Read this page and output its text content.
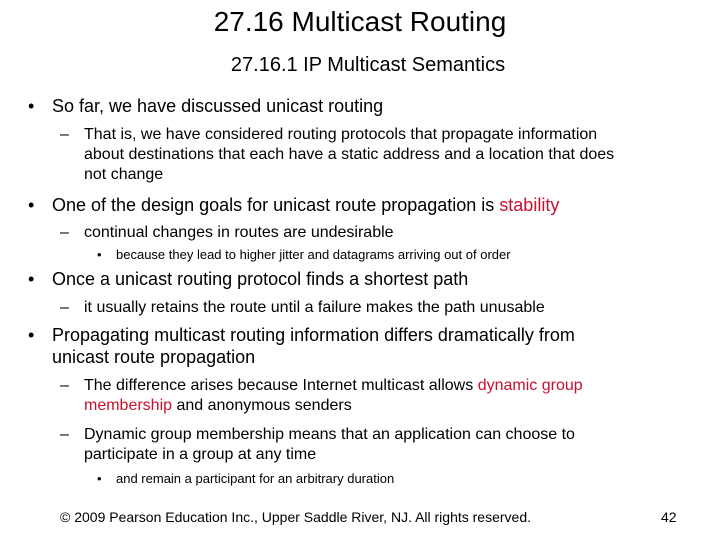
27.16 Multicast Routing
27.16.1 IP Multicast Semantics
• So far, we have discussed unicast routing
– That is, we have considered routing protocols that propagate information
about destinations that each have a static address and a location that does
not change
• One of the design goals for unicast route propagation is stability
– continual changes in routes are undesirable
• because they lead to higher jitter and datagrams arriving out of order
• Once a unicast routing protocol finds a shortest path
– it usually retains the route until a failure makes the path unusable
• Propagating multicast routing information differs dramatically from
unicast route propagation
– The difference arises because Internet multicast allows dynamic group
membership and anonymous senders
– Dynamic group membership means that an application can choose to
participate in a group at any time
• and remain a participant for an arbitrary duration
© 2009 Pearson Education Inc., Upper Saddle River, NJ. All rights reserved.	42
